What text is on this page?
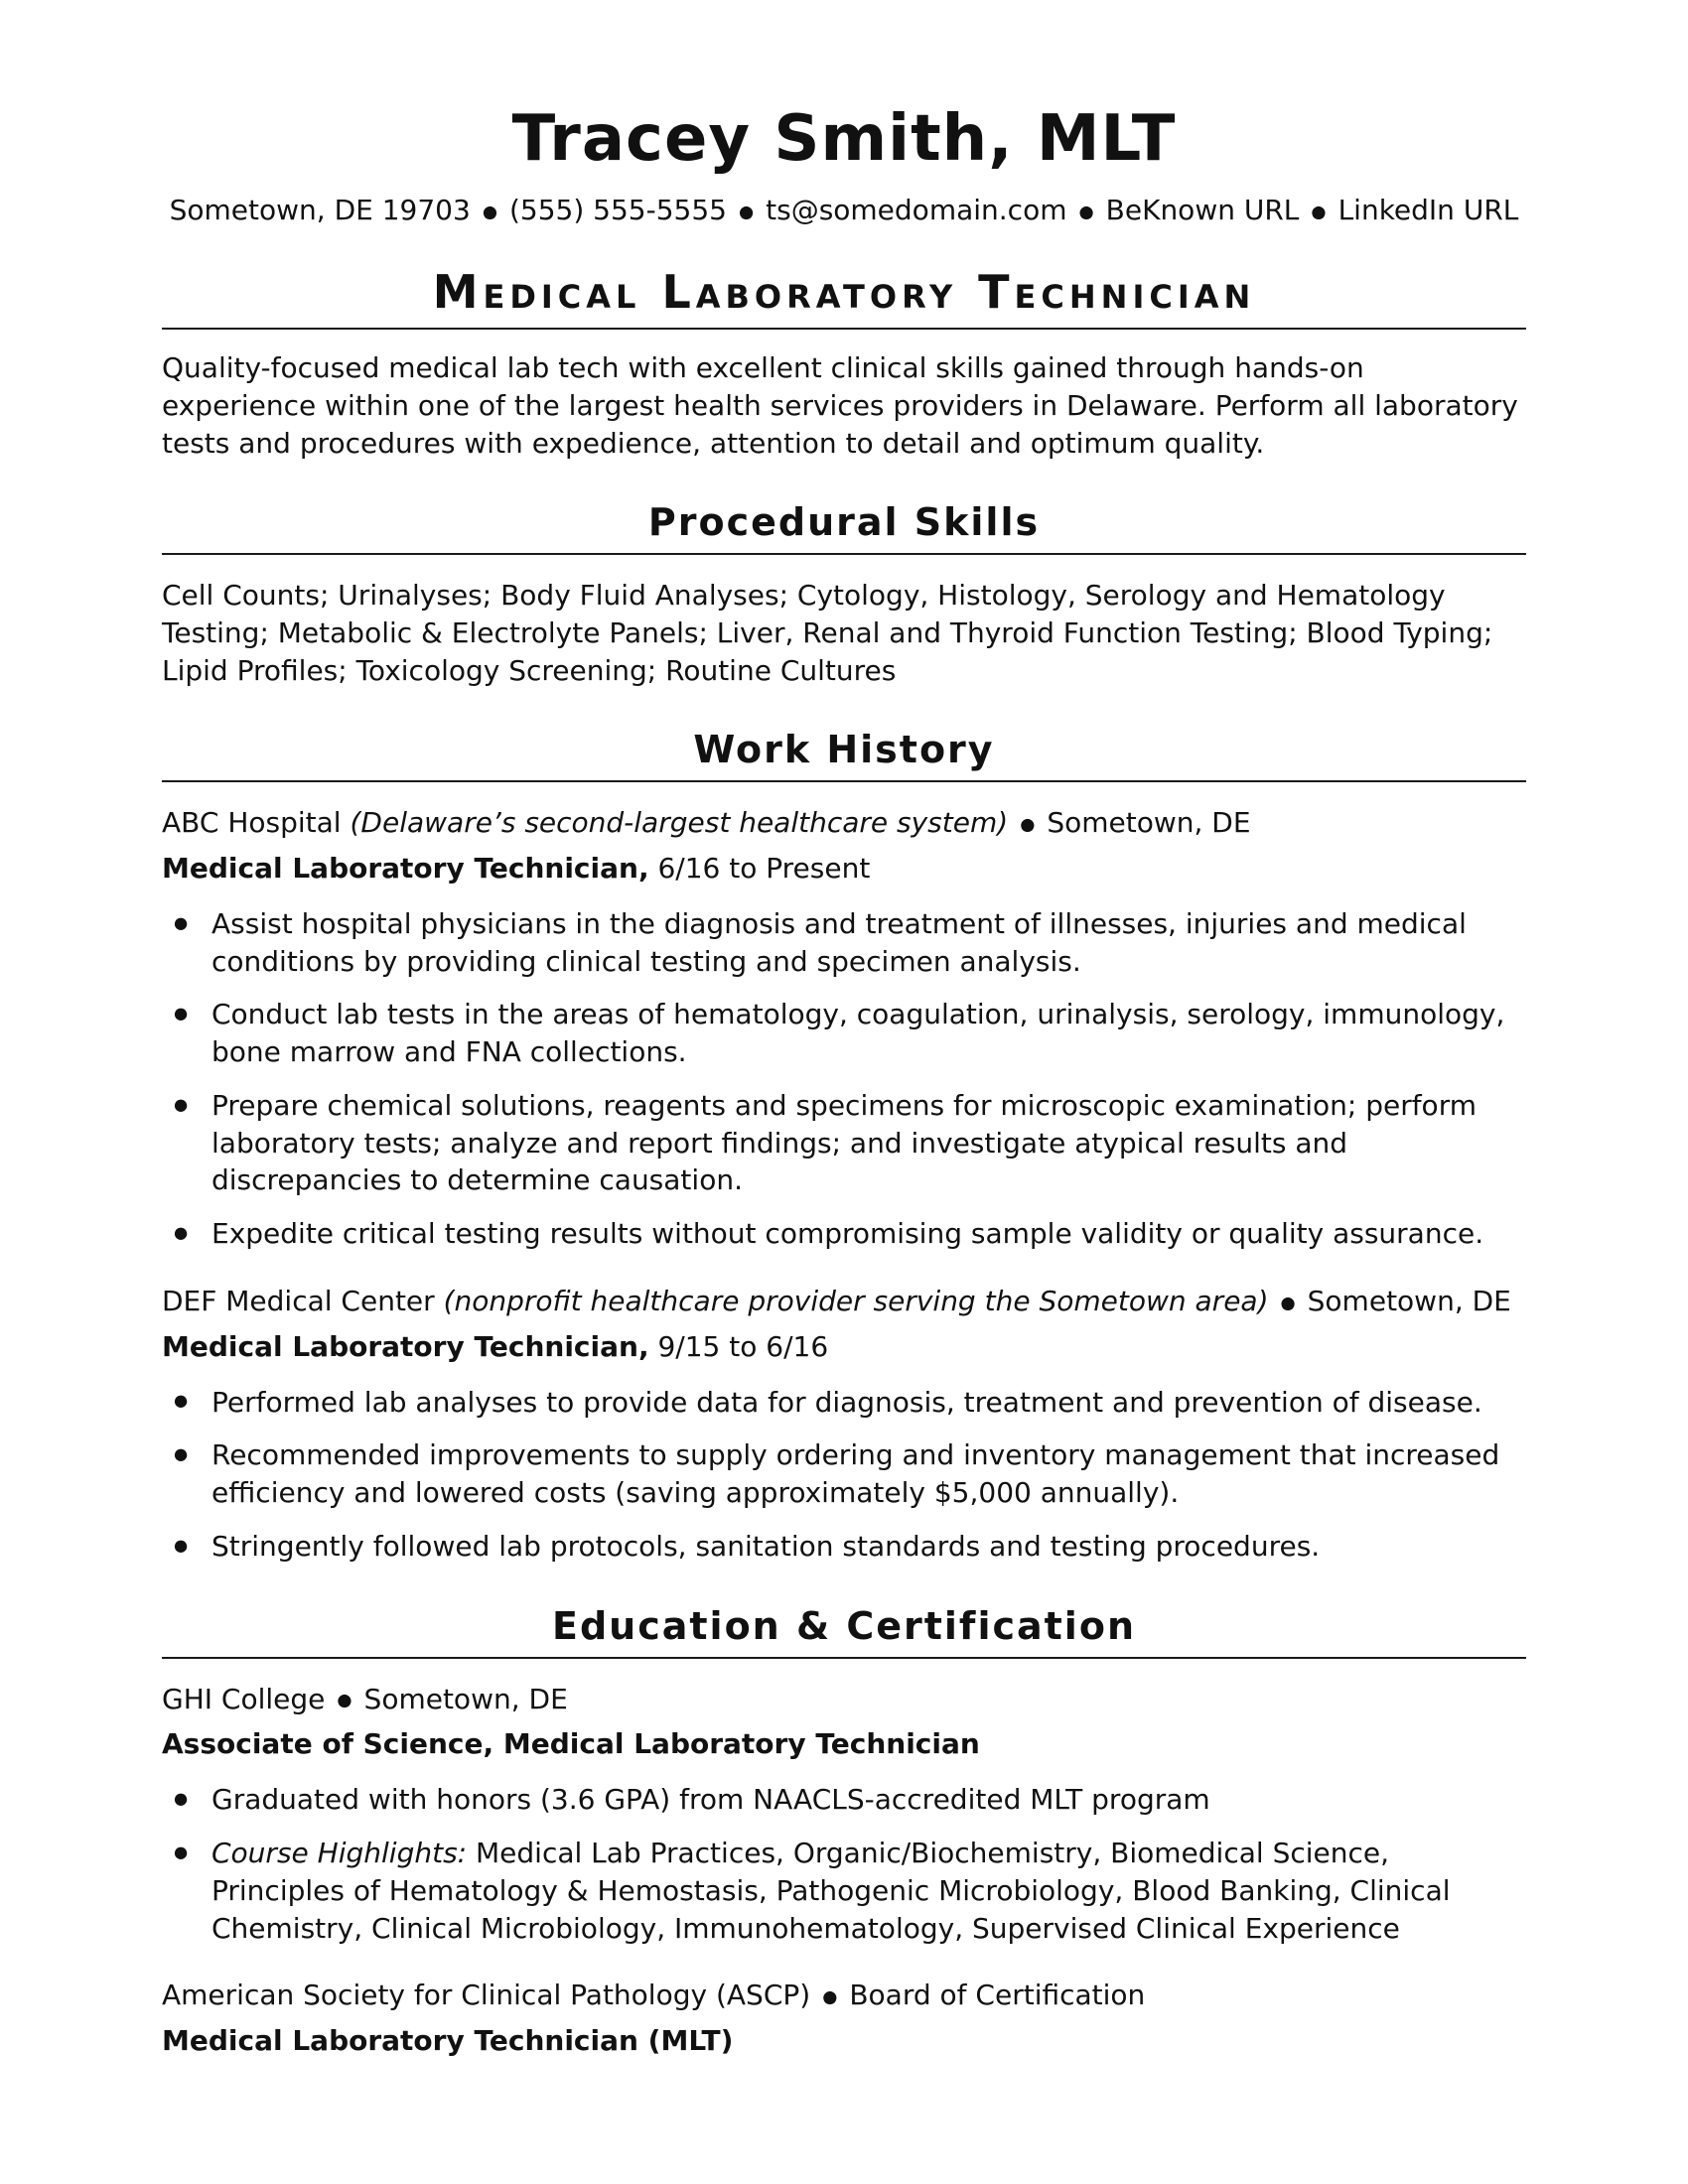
Tracey Smith, MLT

Sometown, DE 19703 ● (555) 555-5555 ● ts@somedomain.com ● BeKnown URL ● LinkedIn URL

Medical Laboratory Technician

Quality-focused medical lab tech with excellent clinical skills gained through hands-on experience within one of the largest health services providers in Delaware. Perform all laboratory tests and procedures with expedience, attention to detail and optimum quality.

Procedural Skills

Cell Counts; Urinalyses; Body Fluid Analyses; Cytology, Histology, Serology and Hematology Testing; Metabolic & Electrolyte Panels; Liver, Renal and Thyroid Function Testing; Blood Typing; Lipid Profiles; Toxicology Screening; Routine Cultures

Work History

ABC Hospital (Delaware’s second-largest healthcare system) ● Sometown, DE

Medical Laboratory Technician, 6/16 to Present

● Assist hospital physicians in the diagnosis and treatment of illnesses, injuries and medical conditions by providing clinical testing and specimen analysis.
● Conduct lab tests in the areas of hematology, coagulation, urinalysis, serology, immunology, bone marrow and FNA collections.
● Prepare chemical solutions, reagents and specimens for microscopic examination; perform laboratory tests; analyze and report findings; and investigate atypical results and discrepancies to determine causation.
● Expedite critical testing results without compromising sample validity or quality assurance.

DEF Medical Center (nonprofit healthcare provider serving the Sometown area) ● Sometown, DE

Medical Laboratory Technician, 9/15 to 6/16

● Performed lab analyses to provide data for diagnosis, treatment and prevention of disease.
● Recommended improvements to supply ordering and inventory management that increased efficiency and lowered costs (saving approximately $5,000 annually).
● Stringently followed lab protocols, sanitation standards and testing procedures.
Education & Certification

GHI College ● Sometown, DE

Associate of Science, Medical Laboratory Technician

● Graduated with honors (3.6 GPA) from NAACLS-accredited MLT program
● Course Highlights: Medical Lab Practices, Organic/Biochemistry, Biomedical Science, Principles of Hematology & Hemostasis, Pathogenic Microbiology, Blood Banking, Clinical Chemistry, Clinical Microbiology, Immunohematology, Supervised Clinical Experience

American Society for Clinical Pathology (ASCP) ● Board of Certification

Medical Laboratory Technician (MLT)
